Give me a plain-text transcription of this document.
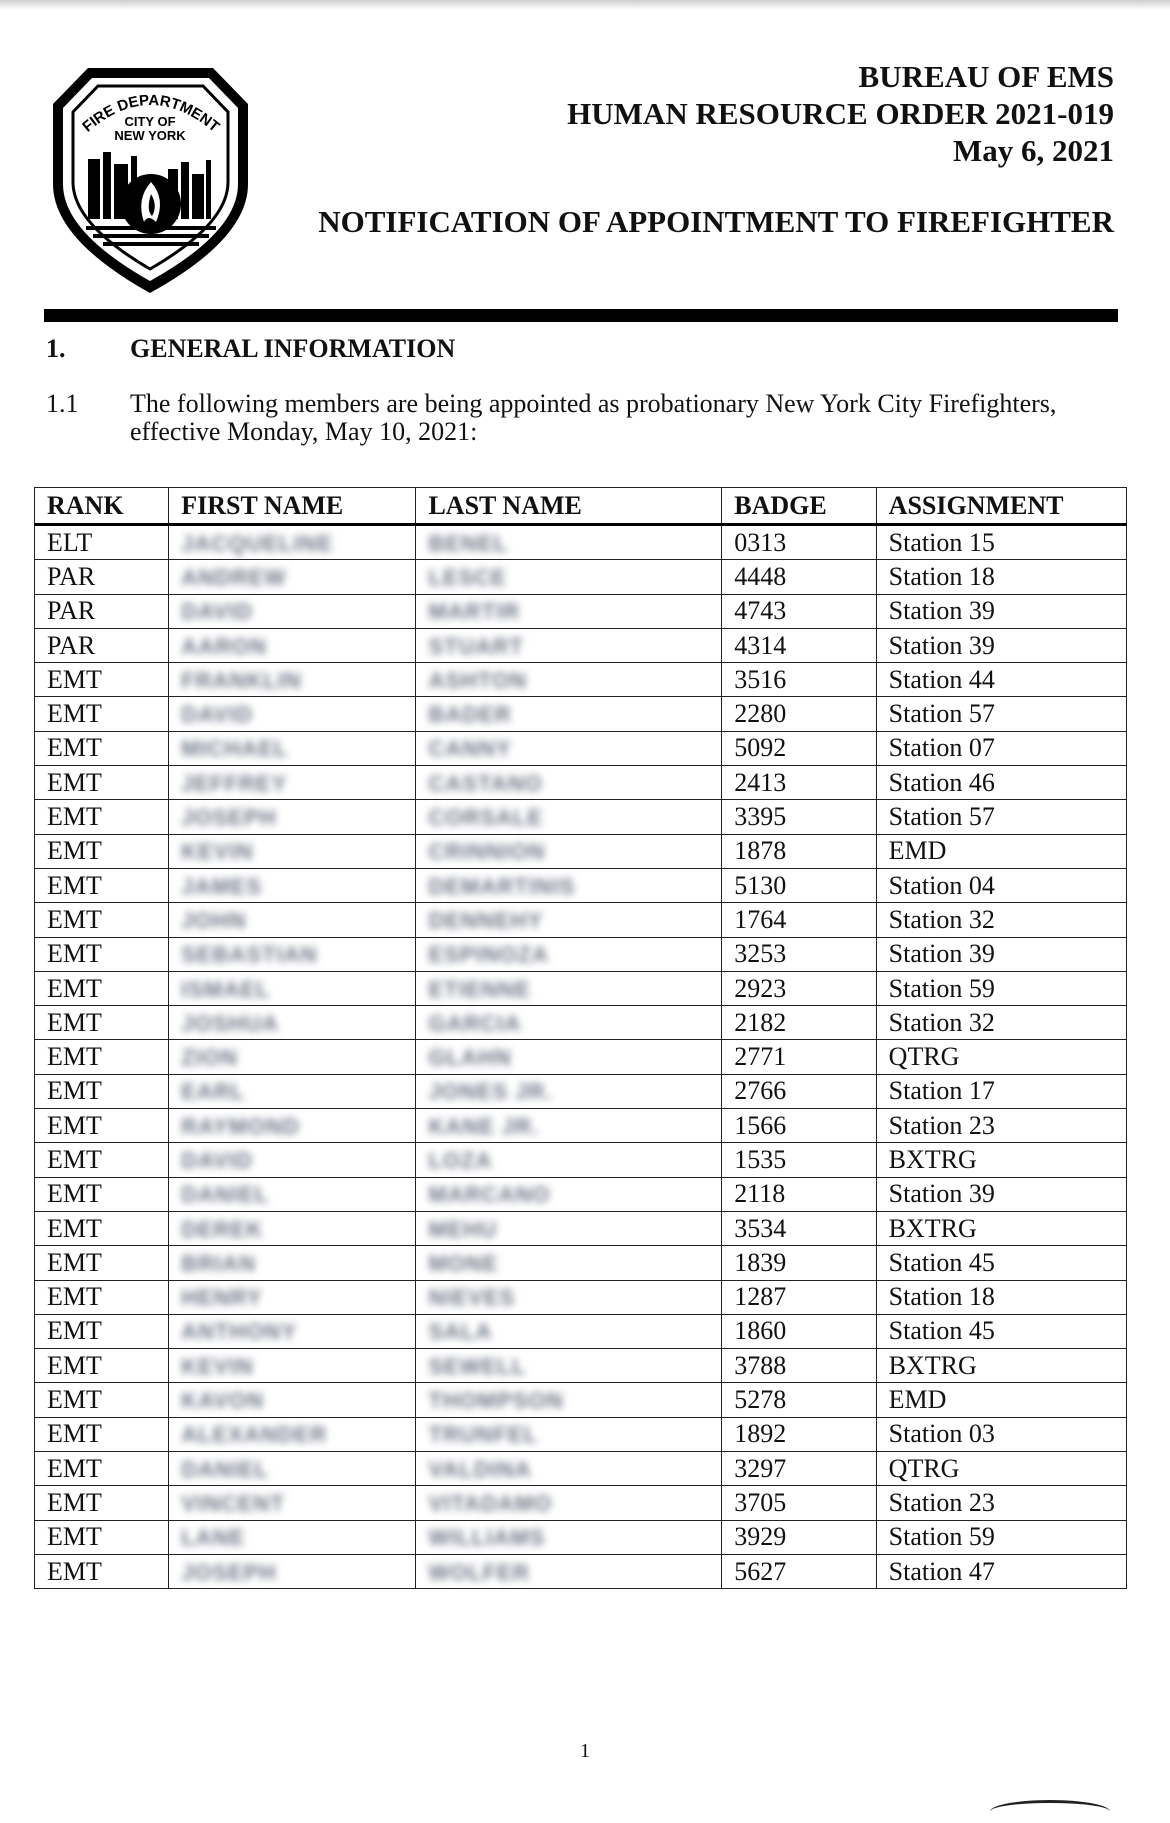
FIRE DEPARTMENT
CITY OF
NEW YORK
BUREAU OF EMS
HUMAN RESOURCE ORDER 2021-019
May 6, 2021
NOTIFICATION OF APPOINTMENT TO FIREFIGHTER
1. GENERAL INFORMATION
1.1 The following members are being appointed as probationary New York City Firefighters, effective Monday, May 10, 2021:
RANK	FIRST NAME	LAST NAME	BADGE	ASSIGNMENT
ELT	JACQUELINE	BENEL	0313	Station 15
PAR	ANDREW	LESCE	4448	Station 18
PAR	DAVID	MARTIR	4743	Station 39
PAR	AARON	STUART	4314	Station 39
EMT	FRANKLIN	ASHTON	3516	Station 44
EMT	DAVID	BADER	2280	Station 57
EMT	MICHAEL	CANNY	5092	Station 07
EMT	JEFFREY	CASTANO	2413	Station 46
EMT	JOSEPH	CORSALE	3395	Station 57
EMT	KEVIN	CRINNION	1878	EMD
EMT	JAMES	DEMARTINIS	5130	Station 04
EMT	JOHN	DENNEHY	1764	Station 32
EMT	SEBASTIAN	ESPINOZA	3253	Station 39
EMT	ISMAEL	ETIENNE	2923	Station 59
EMT	JOSHUA	GARCIA	2182	Station 32
EMT	ZION	GLAHN	2771	QTRG
EMT	EARL	JONES JR.	2766	Station 17
EMT	RAYMOND	KANE JR.	1566	Station 23
EMT	DAVID	LOZA	1535	BXTRG
EMT	DANIEL	MARCANO	2118	Station 39
EMT	DEREK	MEHU	3534	BXTRG
EMT	BRIAN	MONE	1839	Station 45
EMT	HENRY	NIEVES	1287	Station 18
EMT	ANTHONY	SALA	1860	Station 45
EMT	KEVIN	SEWELL	3788	BXTRG
EMT	KAVON	THOMPSON	5278	EMD
EMT	ALEXANDER	TRUNFEL	1892	Station 03
EMT	DANIEL	VALDINA	3297	QTRG
EMT	VINCENT	VITADAMO	3705	Station 23
EMT	LANE	WILLIAMS	3929	Station 59
EMT	JOSEPH	WOLFER	5627	Station 47
1
